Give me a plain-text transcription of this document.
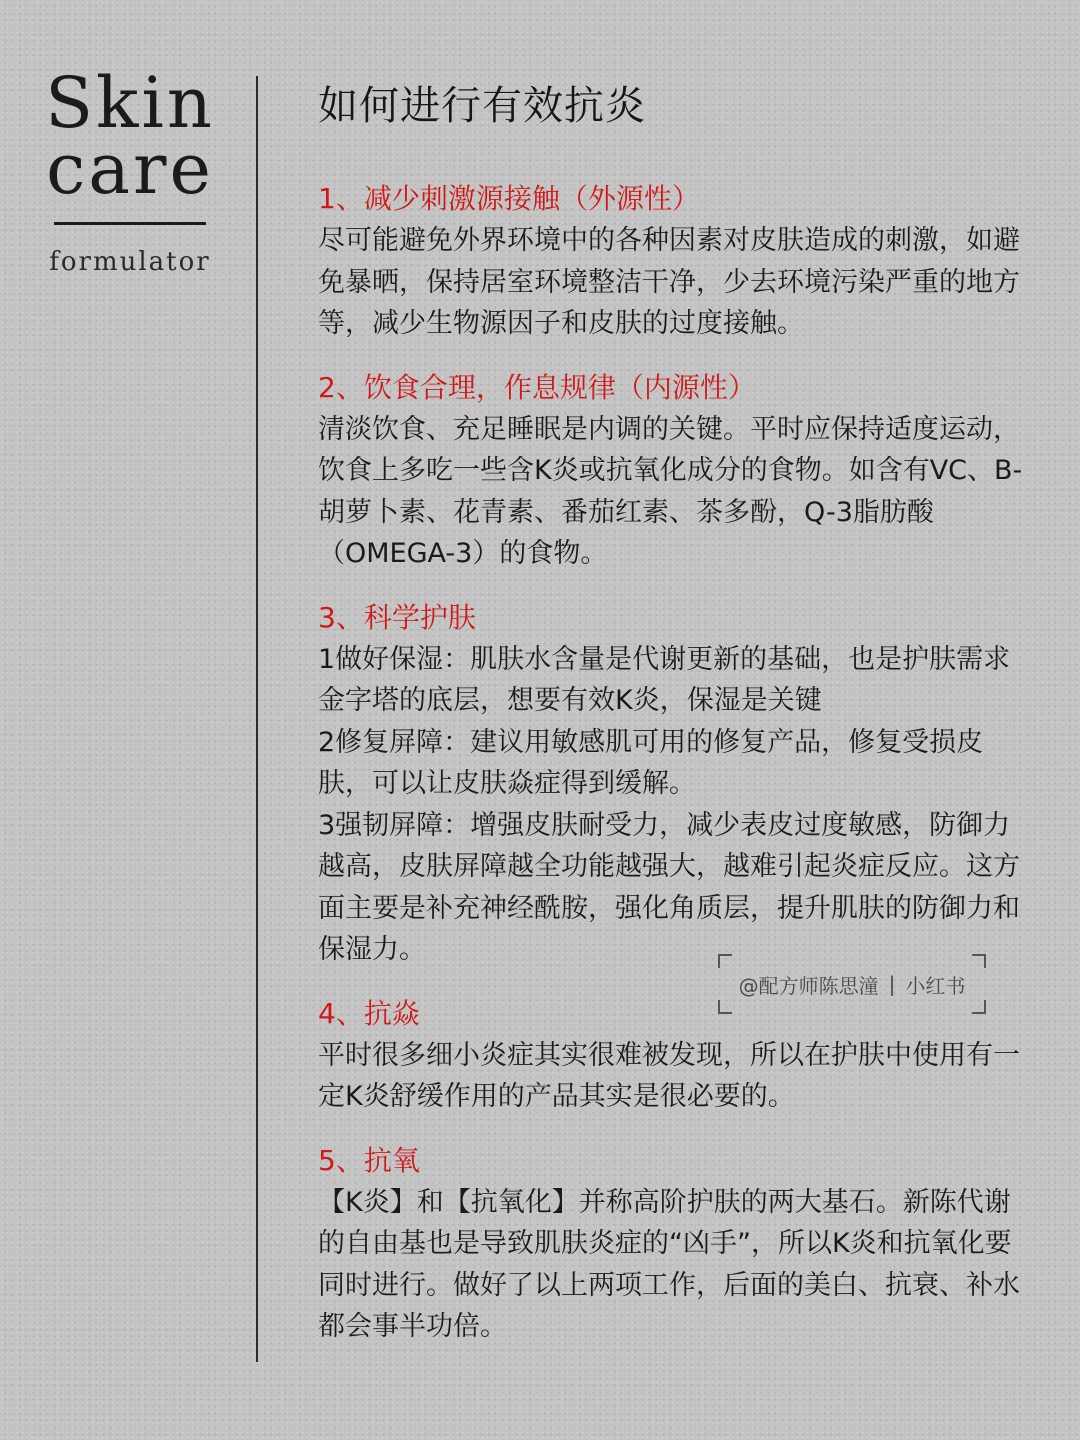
Skin
care
formulator
如何进行有效抗炎
1、减少刺激源接触（外源性）
尽可能避免外界环境中的各种因素对皮肤造成的刺激，如避免暴晒，保持居室环境整洁干净，少去环境污染严重的地方等，减少生物源因子和皮肤的过度接触。
2、饮食合理，作息规律（内源性）
清淡饮食、充足睡眠是内调的关键。平时应保持适度运动，饮食上多吃一些含K炎或抗氧化成分的食物。如含有VC、B-胡萝卜素、花青素、番茄红素、茶多酚，Q-3脂肪酸（OMEGA-3）的食物。
3、科学护肤
1做好保湿：肌肤水含量是代谢更新的基础，也是护肤需求金字塔的底层，想要有效K炎，保湿是关键
2修复屏障：建议用敏感肌可用的修复产品，修复受损皮肤，可以让皮肤焱症得到缓解。
3强韧屏障：增强皮肤耐受力，减少表皮过度敏感，防御力越高，皮肤屏障越全功能越强大，越难引起炎症反应。这方面主要是补充神经酰胺，强化角质层，提升肌肤的防御力和保湿力。
4、抗焱
平时很多细小炎症其实很难被发现，所以在护肤中使用有一定K炎舒缓作用的产品其实是很必要的。
5、抗氧
【K炎】和【抗氧化】并称高阶护肤的两大基石。新陈代谢的自由基也是导致肌肤炎症的“凶手”，所以K炎和抗氧化要同时进行。做好了以上两项工作，后面的美白、抗衰、补水都会事半功倍。
@配方师陈思潼 | 小红书
